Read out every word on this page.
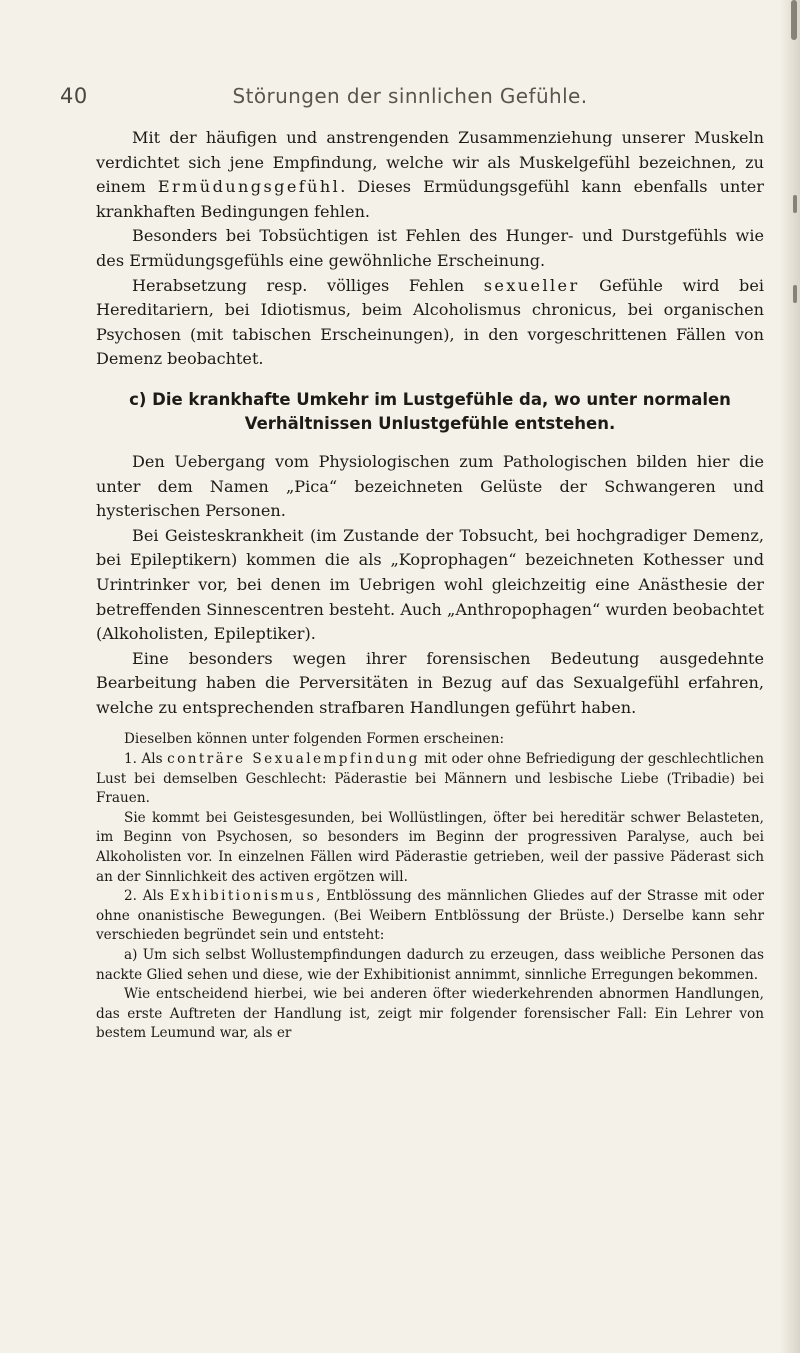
40	Störungen der sinnlichen Gefühle.

Mit der häufigen und anstrengenden Zusammenziehung unserer Muskeln verdichtet sich jene Empfindung, welche wir als Muskelgefühl bezeichnen, zu einem Ermüdungsgefühl. Dieses Ermüdungsgefühl kann ebenfalls unter krankhaften Bedingungen fehlen.

Besonders bei Tobsüchtigen ist Fehlen des Hunger- und Durstgefühls wie des Ermüdungsgefühls eine gewöhnliche Erscheinung.

Herabsetzung resp. völliges Fehlen sexueller Gefühle wird bei Hereditariern, bei Idiotismus, beim Alcoholismus chronicus, bei organischen Psychosen (mit tabischen Erscheinungen), in den vorgeschrittenen Fällen von Demenz beobachtet.

c) Die krankhafte Umkehr im Lustgefühle da, wo unter normalen
Verhältnissen Unlustgefühle entstehen.

Den Uebergang vom Physiologischen zum Pathologischen bilden hier die unter dem Namen „Pica“ bezeichneten Gelüste der Schwangeren und hysterischen Personen.

Bei Geisteskrankheit (im Zustande der Tobsucht, bei hochgradiger Demenz, bei Epileptikern) kommen die als „Koprophagen“ bezeichneten Kothesser und Urintrinker vor, bei denen im Uebrigen wohl gleichzeitig eine Anästhesie der betreffenden Sinnescentren besteht. Auch „Anthropophagen“ wurden beobachtet (Alkoholisten, Epileptiker).

Eine besonders wegen ihrer forensischen Bedeutung ausgedehnte Bearbeitung haben die Perversitäten in Bezug auf das Sexualgefühl erfahren, welche zu entsprechenden strafbaren Handlungen geführt haben.

Dieselben können unter folgenden Formen erscheinen:

1. Als conträre Sexualempfindung mit oder ohne Befriedigung der geschlechtlichen Lust bei demselben Geschlecht: Päderastie bei Männern und lesbische Liebe (Tribadie) bei Frauen.

Sie kommt bei Geistesgesunden, bei Wollüstlingen, öfter bei hereditär schwer Belasteten, im Beginn von Psychosen, so besonders im Beginn der progressiven Paralyse, auch bei Alkoholisten vor. In einzelnen Fällen wird Päderastie getrieben, weil der passive Päderast sich an der Sinnlichkeit des activen ergötzen will.

2. Als Exhibitionismus, Entblössung des männlichen Gliedes auf der Strasse mit oder ohne onanistische Bewegungen. (Bei Weibern Entblössung der Brüste.) Derselbe kann sehr verschieden begründet sein und entsteht:

a) Um sich selbst Wollustempfindungen dadurch zu erzeugen, dass weibliche Personen das nackte Glied sehen und diese, wie der Exhibitionist annimmt, sinnliche Erregungen bekommen.

Wie entscheidend hierbei, wie bei anderen öfter wiederkehrenden abnormen Handlungen, das erste Auftreten der Handlung ist, zeigt mir folgender forensischer Fall: Ein Lehrer von bestem Leumund war, als er
